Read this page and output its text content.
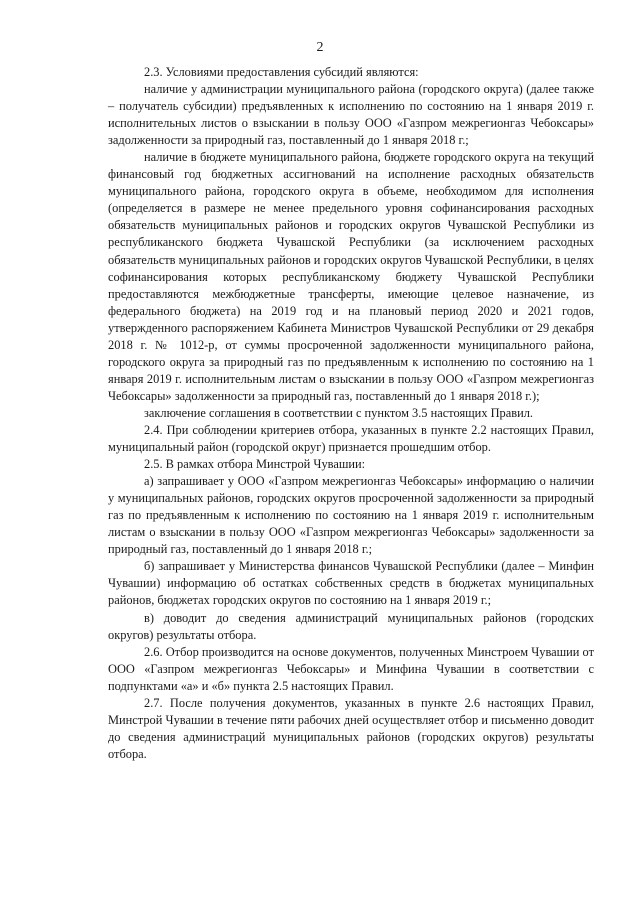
2

2.3. Условиями предоставления субсидий являются:

наличие у администрации муниципального района (городского округа) (далее также – получатель субсидии) предъявленных к исполнению по состоянию на 1 января 2019 г. исполнительных листов о взыскании в пользу ООО «Газпром межрегионгаз Чебоксары» задолженности за природный газ, поставленный до 1 января 2018 г.;

наличие в бюджете муниципального района, бюджете городского округа на текущий финансовый год бюджетных ассигнований на исполнение расходных обязательств муниципального района, городского округа в объеме, необходимом для исполнения (определяется в размере не менее предельного уровня софинансирования расходных обязательств муниципальных районов и городских округов Чувашской Республики из республиканского бюджета Чувашской Республики (за исключением расходных обязательств муниципальных районов и городских округов Чувашской Республики, в целях софинансирования которых республиканскому бюджету Чувашской Республики предоставляются межбюджетные трансферты, имеющие целевое назначение, из федерального бюджета) на 2019 год и на плановый период 2020 и 2021 годов, утвержденного распоряжением Кабинета Министров Чувашской Республики от 29 декабря 2018 г. № 1012-р, от суммы просроченной задолженности муниципального района, городского округа за природный газ по предъявленным к исполнению по состоянию на 1 января 2019 г. исполнительным листам о взыскании в пользу ООО «Газпром межрегионгаз Чебоксары» задолженности за природный газ, поставленный до 1 января 2018 г.);

заключение соглашения в соответствии с пунктом 3.5 настоящих Правил.

2.4. При соблюдении критериев отбора, указанных в пункте 2.2 настоящих Правил, муниципальный район (городской округ) признается прошедшим отбор.

2.5. В рамках отбора Минстрой Чувашии:

а) запрашивает у ООО «Газпром межрегионгаз Чебоксары» информацию о наличии у муниципальных районов, городских округов просроченной задолженности за природный газ по предъявленным к исполнению по состоянию на 1 января 2019 г. исполнительным листам о взыскании в пользу ООО «Газпром межрегионгаз Чебоксары» задолженности за природный газ, поставленный до 1 января 2018 г.;

б) запрашивает у Министерства финансов Чувашской Республики (далее – Минфин Чувашии) информацию об остатках собственных средств в бюджетах муниципальных районов, бюджетах городских округов по состоянию на 1 января 2019 г.;

в) доводит до сведения администраций муниципальных районов (городских округов) результаты отбора.

2.6. Отбор производится на основе документов, полученных Минстроем Чувашии от ООО «Газпром межрегионгаз Чебоксары» и Минфина Чувашии в соответствии с подпунктами «а» и «б» пункта 2.5 настоящих Правил.

2.7. После получения документов, указанных в пункте 2.6 настоящих Правил, Минстрой Чувашии в течение пяти рабочих дней осуществляет отбор и письменно доводит до сведения администраций муниципальных районов (городских округов) результаты отбора.
